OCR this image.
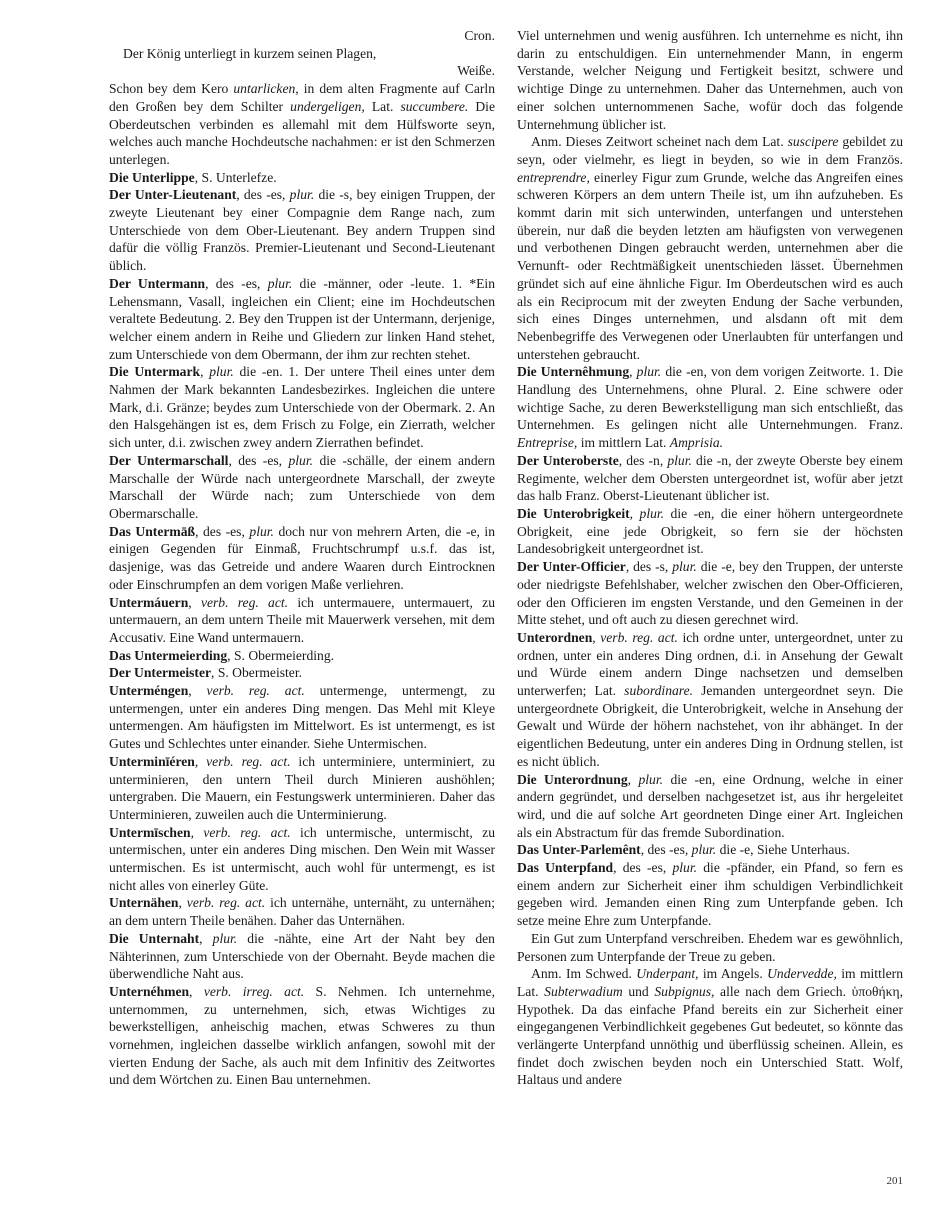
Cron.

Der König unterliegt in kurzem seinen Plagen,

Weiße.

Schon bey dem Kero untarlicken, in dem alten Fragmente auf Carln den Großen bey dem Schilter undergeligen, Lat. succumbere. Die Oberdeutschen verbinden es allemahl mit dem Hülfsworte seyn, welches auch manche Hochdeutsche nachahmen: er ist den Schmerzen unterlegen.

Die Unterlippe, S. Unterlefze.

Der Unter-Lieutenant, des -es, plur. die -s, bey einigen Truppen, der zweyte Lieutenant bey einer Compagnie dem Range nach, zum Unterschiede von dem Ober-Lieutenant. Bey andern Truppen sind dafür die völlig Französ. Premier-Lieutenant und Second-Lieutenant üblich.

Der Untermann, des -es, plur. die -männer, oder -leute. 1. *Ein Lehensmann, Vasall, ingleichen ein Client; eine im Hochdeutschen veraltete Bedeutung. 2. Bey den Truppen ist der Untermann, derjenige, welcher einem andern in Reihe und Gliedern zur linken Hand stehet, zum Unterschiede von dem Obermann, der ihm zur rechten stehet.

Die Untermark, plur. die -en. 1. Der untere Theil eines unter dem Nahmen der Mark bekannten Landesbezirkes. Ingleichen die untere Mark, d.i. Gränze; beydes zum Unterschiede von der Obermark. 2. An den Halsgehängen ist es, dem Frisch zu Folge, ein Zierrath, welcher sich unter, d.i. zwischen zwey andern Zierrathen befindet.

Der Untermarschall, des -es, plur. die -schälle, der einem andern Marschalle der Würde nach untergeordnete Marschall, der zweyte Marschall der Würde nach; zum Unterschiede von dem Obermarschalle.

Das Untermāß, des -es, plur. doch nur von mehrern Arten, die -e, in einigen Gegenden für Einmaß, Fruchtschrumpf u.s.f. das ist, dasjenige, was das Getreide und andere Waaren durch Eintrocknen oder Einschrumpfen an dem vorigen Maße verliehren.

Untermáuern, verb. reg. act. ich untermauere, untermauert, zu untermauern, an dem untern Theile mit Mauerwerk versehen, mit dem Accusativ. Eine Wand untermauern.

Das Untermeierding, S. Obermeierding.

Der Untermeister, S. Obermeister.

Unterméngen, verb. reg. act. untermenge, untermengt, zu untermengen, unter ein anderes Ding mengen. Das Mehl mit Kleye untermengen. Am häufigsten im Mittelwort. Es ist untermengt, es ist Gutes und Schlechtes unter einander. Siehe Untermischen.

Unterminīéren, verb. reg. act. ich unterminiere, unterminiert, zu unterminieren, den untern Theil durch Minieren aushöhlen; untergraben. Die Mauern, ein Festungswerk unterminieren. Daher das Unterminieren, zuweilen auch die Unterminierung.

Untermīschen, verb. reg. act. ich untermische, untermischt, zu untermischen, unter ein anderes Ding mischen. Den Wein mit Wasser untermischen. Es ist untermischt, auch wohl für untermengt, es ist nicht alles von einerley Güte.

Unternähen, verb. reg. act. ich unternähe, unternäht, zu unternähen; an dem untern Theile benähen. Daher das Unternähen.

Die Unternaht, plur. die -nähte, eine Art der Naht bey den Nähterinnen, zum Unterschiede von der Obernaht. Beyde machen die überwendliche Naht aus.

Unternéhmen, verb. irreg. act. S. Nehmen. Ich unternehme, unternommen, zu unternehmen, sich, etwas Wichtiges zu bewerkstelligen, anheischig machen, etwas Schweres zu thun vornehmen, ingleichen dasselbe wirklich anfangen, sowohl mit der vierten Endung der Sache, als auch mit dem Infinitiv des Zeitwortes und dem Wörtchen zu. Einen Bau unternehmen.

Viel unternehmen und wenig ausführen. Ich unternehme es nicht, ihn darin zu entschuldigen. Ein unternehmender Mann, in engerm Verstande, welcher Neigung und Fertigkeit besitzt, schwere und wichtige Dinge zu unternehmen. Daher das Unternehmen, auch von einer solchen unternommenen Sache, wofür doch das folgende Unternehmung üblicher ist.

Anm. Dieses Zeitwort scheinet nach dem Lat. suscipere gebildet zu seyn, oder vielmehr, es liegt in beyden, so wie in dem Französ. entreprendre, einerley Figur zum Grunde, welche das Angreifen eines schweren Körpers an dem untern Theile ist, um ihn aufzuheben. Es kommt darin mit sich unterwinden, unterfangen und unterstehen überein, nur daß die beyden letzten am häufigsten von verwegenen und verbothenen Dingen gebraucht werden, unternehmen aber die Vernunft- oder Rechtmäßigkeit unentschieden lässet. Übernehmen gründet sich auf eine ähnliche Figur. Im Oberdeutschen wird es auch als ein Reciprocum mit der zweyten Endung der Sache verbunden, sich eines Dinges unternehmen, und alsdann oft mit dem Nebenbegriffe des Verwegenen oder Unerlaubten für unterfangen und unterstehen gebraucht.

Die Unternêhmung, plur. die -en, von dem vorigen Zeitworte. 1. Die Handlung des Unternehmens, ohne Plural. 2. Eine schwere oder wichtige Sache, zu deren Bewerkstelligung man sich entschließt, das Unternehmen. Es gelingen nicht alle Unternehmungen. Franz. Entreprise, im mittlern Lat. Amprisia.

Der Unteroberste, des -n, plur. die -n, der zweyte Oberste bey einem Regimente, welcher dem Obersten untergeordnet ist, wofür aber jetzt das halb Franz. Oberst-Lieutenant üblicher ist.

Die Unterobrigkeit, plur. die -en, die einer höhern untergeordnete Obrigkeit, eine jede Obrigkeit, so fern sie der höchsten Landesobrigkeit untergeordnet ist.

Der Unter-Officier, des -s, plur. die -e, bey den Truppen, der unterste oder niedrigste Befehlshaber, welcher zwischen den Ober-Officieren, oder den Officieren im engsten Verstande, und den Gemeinen in der Mitte stehet, und oft auch zu diesen gerechnet wird.

Unterordnen, verb. reg. act. ich ordne unter, untergeordnet, unter zu ordnen, unter ein anderes Ding ordnen, d.i. in Ansehung der Gewalt und Würde einem andern Dinge nachsetzen und demselben unterwerfen; Lat. subordinare. Jemanden untergeordnet seyn. Die untergeordnete Obrigkeit, die Unterobrigkeit, welche in Ansehung der Gewalt und Würde der höhern nachstehet, von ihr abhänget. In der eigentlichen Bedeutung, unter ein anderes Ding in Ordnung stellen, ist es nicht üblich.

Die Unterordnung, plur. die -en, eine Ordnung, welche in einer andern gegründet, und derselben nachgesetzet ist, aus ihr hergeleitet wird, und die auf solche Art geordneten Dinge einer Art. Ingleichen als ein Abstractum für das fremde Subordination.

Das Unter-Parlemênt, des -es, plur. die -e, Siehe Unterhaus.

Das Unterpfand, des -es, plur. die -pfänder, ein Pfand, so fern es einem andern zur Sicherheit einer ihm schuldigen Verbindlichkeit gegeben wird. Jemanden einen Ring zum Unterpfande geben. Ich setze meine Ehre zum Unterpfande.

Ein Gut zum Unterpfand verschreiben. Ehedem war es gewöhnlich, Personen zum Unterpfande der Treue zu geben.

Anm. Im Schwed. Underpant, im Angels. Undervedde, im mittlern Lat. Subterwadium und Subpignus, alle nach dem Griech. ὑποθήκη, Hypothek. Da das einfache Pfand bereits ein zur Sicherheit einer eingegangenen Verbindlichkeit gegebenes Gut bedeutet, so könnte das verlängerte Unterpfand unnöthig und überflüssig scheinen. Allein, es findet doch zwischen beyden noch ein Unterschied Statt. Wolf, Haltaus und andere

201
